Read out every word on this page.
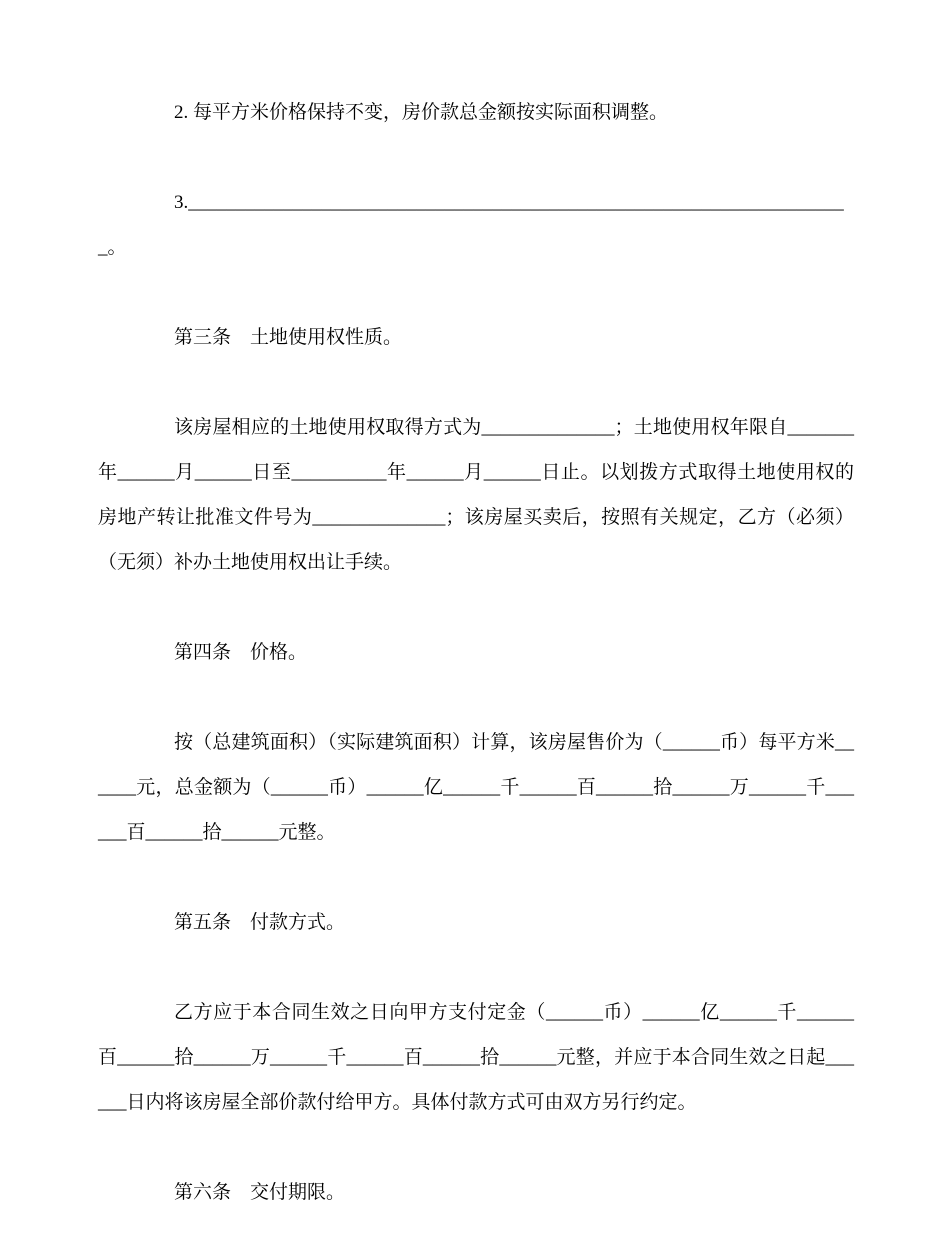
2. 每平方米价格保持不变，房价款总金额按实际面积调整。

3.______________________________________________________________________。

第三条　土地使用权性质。

该房屋相应的土地使用权取得方式为______________；土地使用权年限自_______年______月______日至__________年______月______日止。以划拨方式取得土地使用权的房地产转让批准文件号为______________；该房屋买卖后，按照有关规定，乙方（必须）（无须）补办土地使用权出让手续。

第四条　价格。

按（总建筑面积）（实际建筑面积）计算，该房屋售价为（______币）每平方米______元，总金额为（______币）______亿______千______百______拾______万______千______百______拾______元整。

第五条　付款方式。

乙方应于本合同生效之日向甲方支付定金（______币）______亿______千______百______拾______万______千______百______拾______元整，并应于本合同生效之日起______日内将该房屋全部价款付给甲方。具体付款方式可由双方另行约定。

第六条　交付期限。
